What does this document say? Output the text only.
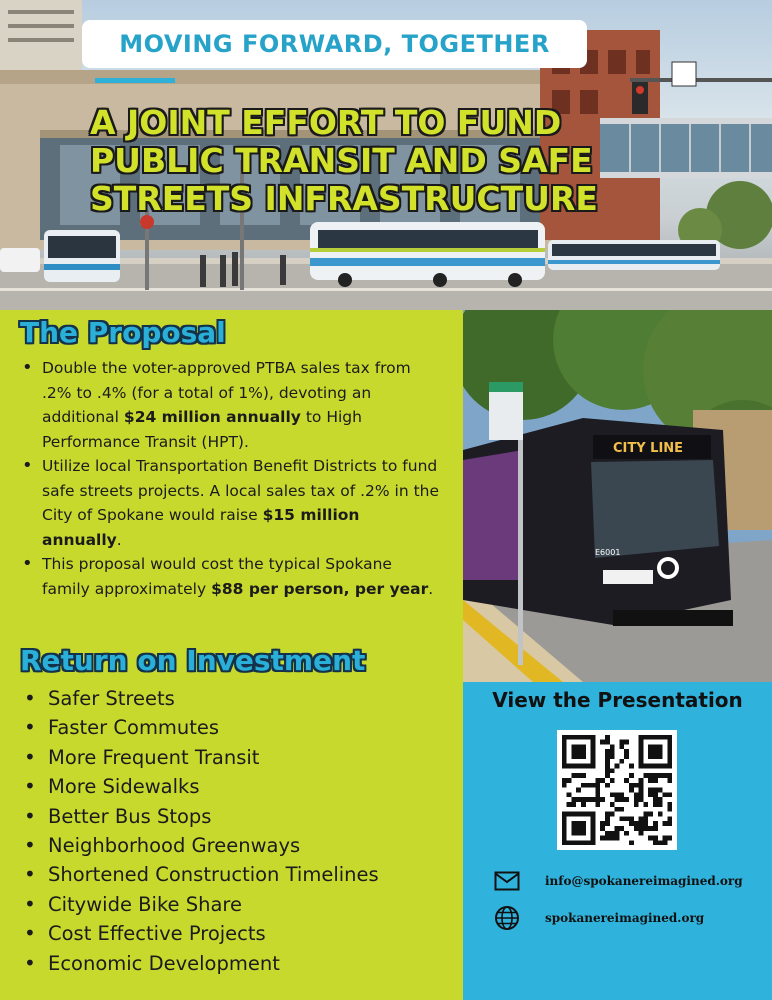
MOVING FORWARD, TOGETHER
A JOINT EFFORT TO FUND
PUBLIC TRANSIT AND SAFE
STREETS INFRASTRUCTURE
The Proposal
• Double the voter-approved PTBA sales tax from .2% to .4% (for a total of 1%), devoting an additional $24 million annually to High Performance Transit (HPT).
• Utilize local Transportation Benefit Districts to fund safe streets projects. A local sales tax of .2% in the City of Spokane would raise $15 million annually.
• This proposal would cost the typical Spokane family approximately $88 per person, per year.
Return on Investment
• Safer Streets
• Faster Commutes
• More Frequent Transit
• More Sidewalks
• Better Bus Stops
• Neighborhood Greenways
• Shortened Construction Timelines
• Citywide Bike Share
• Cost Effective Projects
• Economic Development
CITY LINE
E6001
View the Presentation
info@spokanereimagined.org
spokanereimagined.org
